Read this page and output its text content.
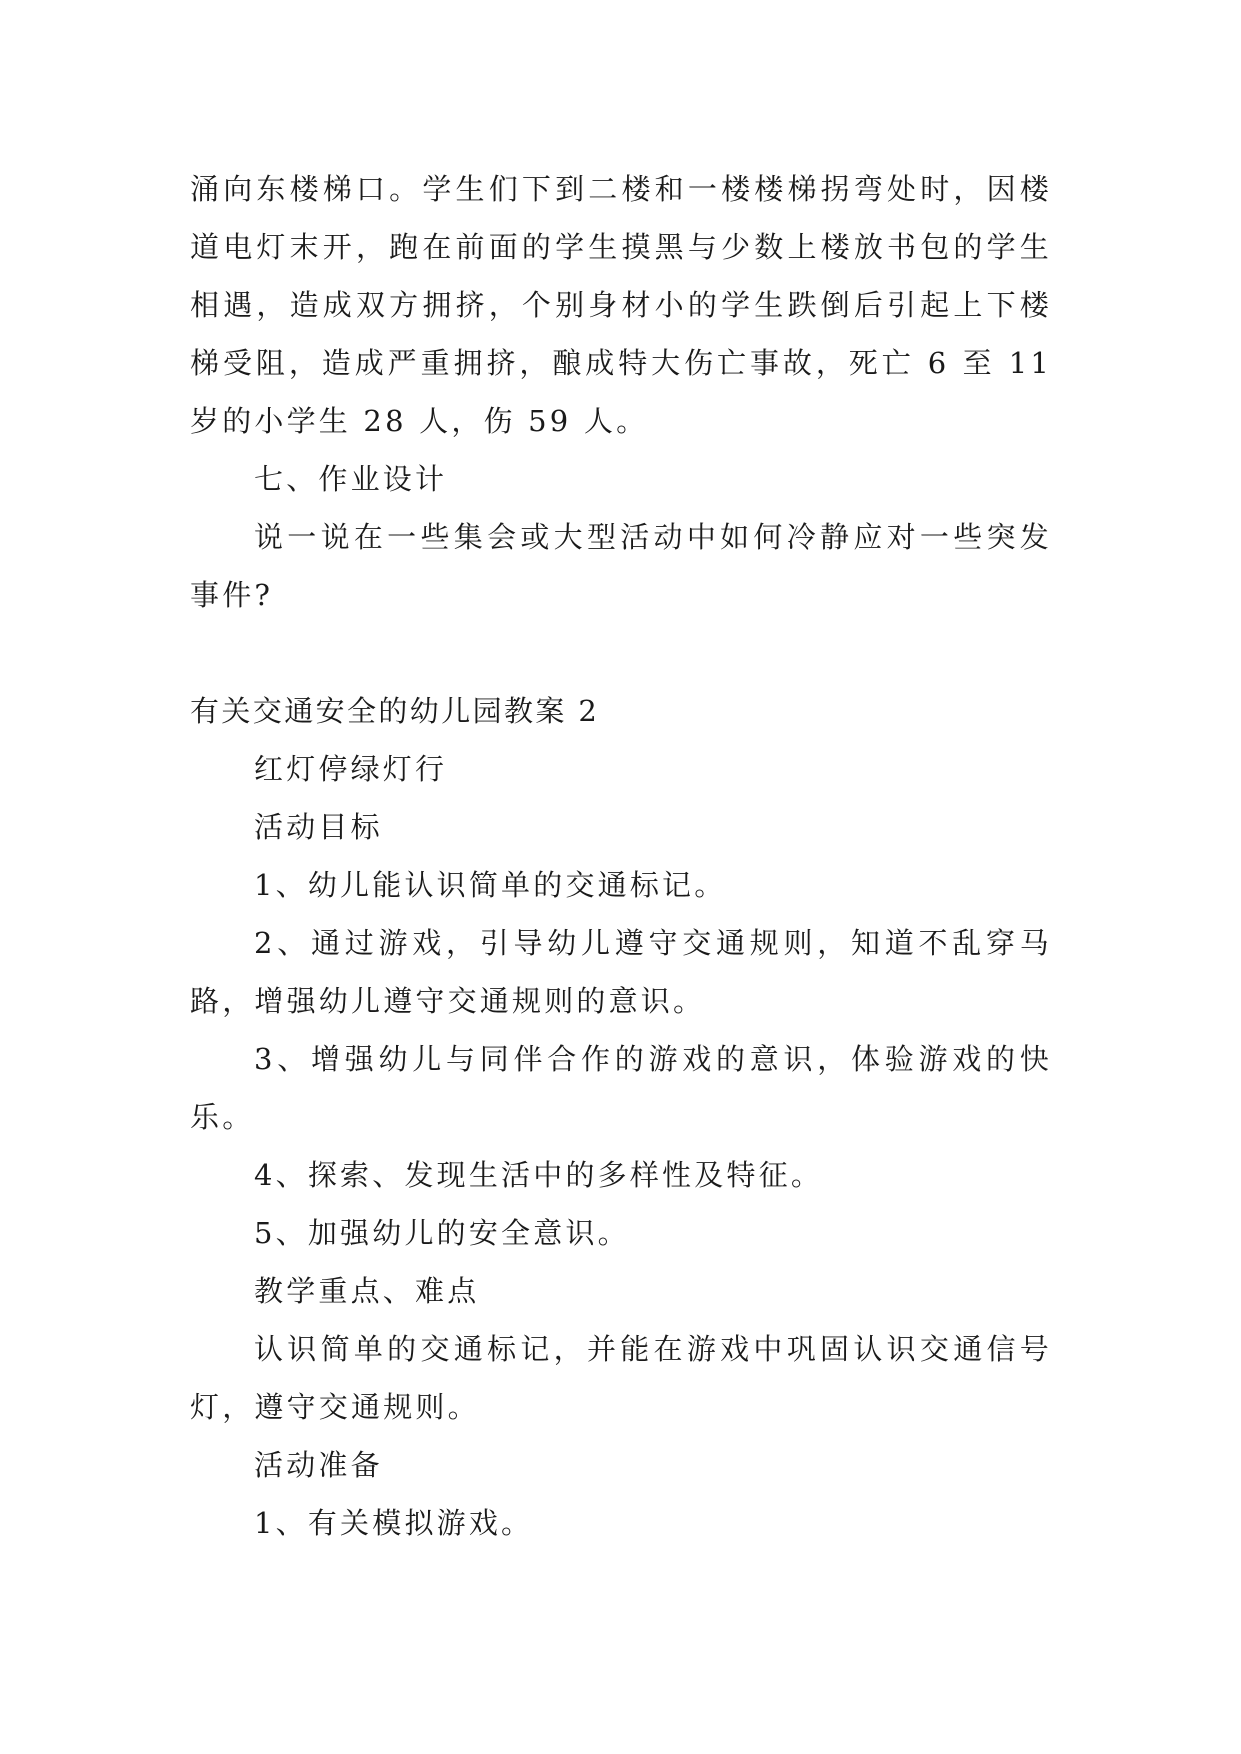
涌向东楼梯口。学生们下到二楼和一楼楼梯拐弯处时，因楼道电灯末开，跑在前面的学生摸黑与少数上楼放书包的学生相遇，造成双方拥挤，个别身材小的学生跌倒后引起上下楼梯受阻，造成严重拥挤，酿成特大伤亡事故，死亡 6 至 11 岁的小学生 28 人，伤 59 人。

七、作业设计

说一说在一些集会或大型活动中如何冷静应对一些突发事件?

有关交通安全的幼儿园教案 2

红灯停绿灯行

活动目标

1、幼儿能认识简单的交通标记。

2、通过游戏，引导幼儿遵守交通规则，知道不乱穿马路，增强幼儿遵守交通规则的意识。

3、增强幼儿与同伴合作的游戏的意识，体验游戏的快乐。

4、探索、发现生活中的多样性及特征。

5、加强幼儿的安全意识。

教学重点、难点

认识简单的交通标记，并能在游戏中巩固认识交通信号灯，遵守交通规则。

活动准备

1、有关模拟游戏。
